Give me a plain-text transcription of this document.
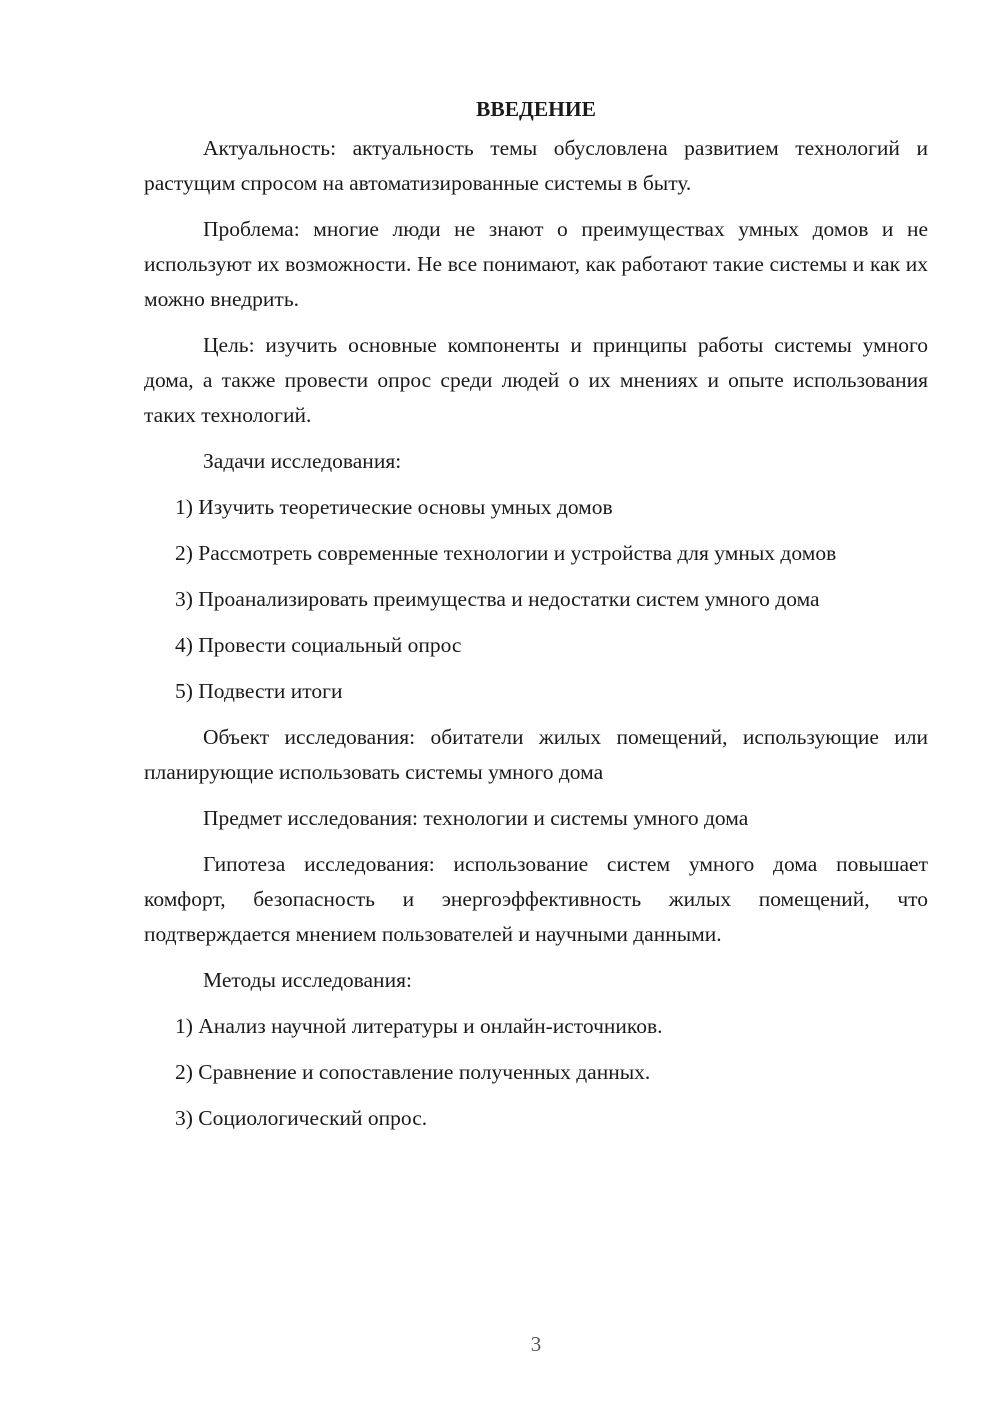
ВВЕДЕНИЕ

Актуальность: актуальность темы обусловлена развитием технологий и растущим спросом на автоматизированные системы в быту.

Проблема: многие люди не знают о преимуществах умных домов и не используют их возможности. Не все понимают, как работают такие системы и как их можно внедрить.

Цель: изучить основные компоненты и принципы работы системы умного дома, а также провести опрос среди людей о их мнениях и опыте использования таких технологий.

Задачи исследования:

1) Изучить теоретические основы умных домов

2) Рассмотреть современные технологии и устройства для умных домов

3) Проанализировать преимущества и недостатки систем умного дома

4) Провести социальный опрос

5) Подвести итоги

Объект исследования: обитатели жилых помещений, использующие или планирующие использовать системы умного дома

Предмет исследования: технологии и системы умного дома

Гипотеза исследования: использование систем умного дома повышает комфорт, безопасность и энергоэффективность жилых помещений, что подтверждается мнением пользователей и научными данными.

Методы исследования:

1) Анализ научной литературы и онлайн-источников.

2) Сравнение и сопоставление полученных данных.

3) Социологический опрос.

3
